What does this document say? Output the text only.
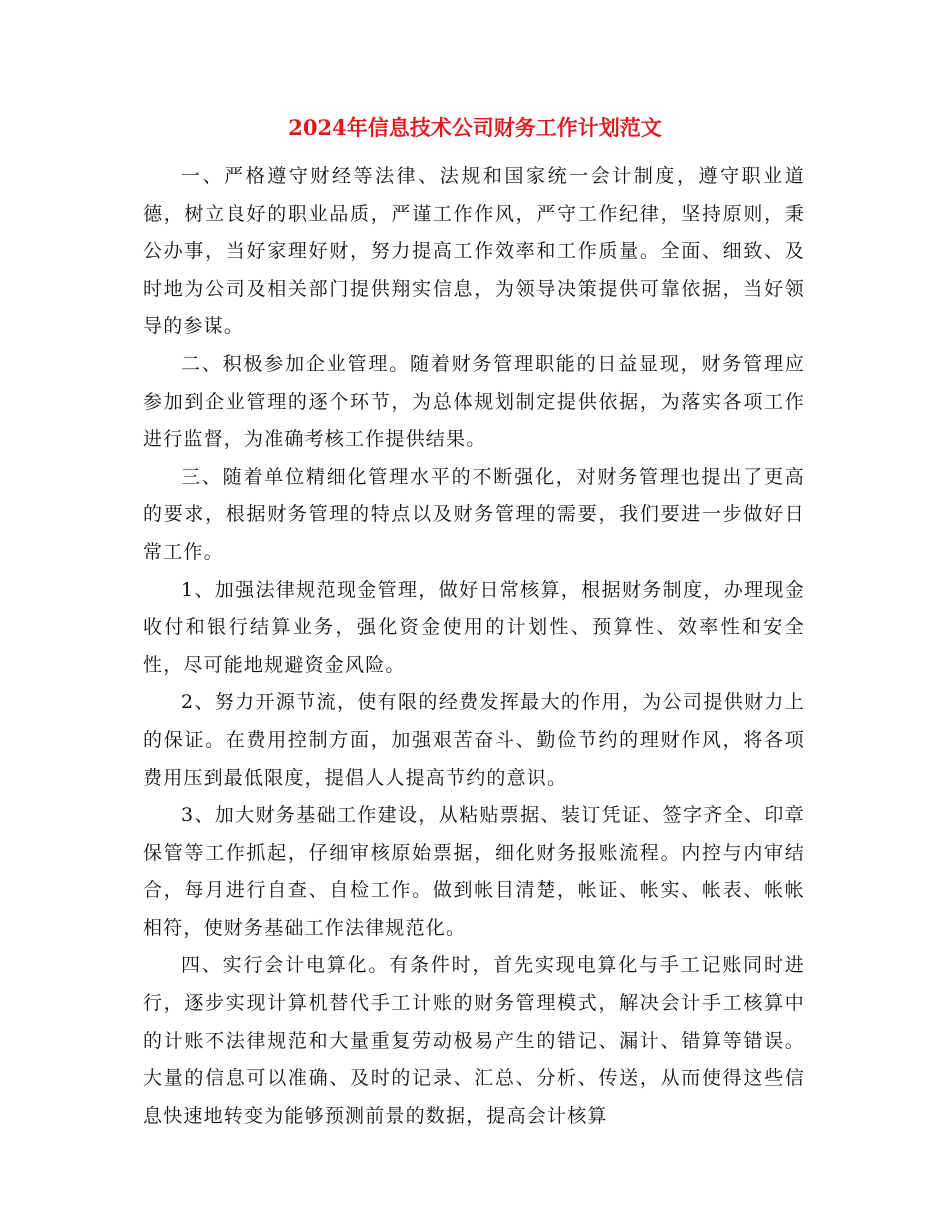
2024年信息技术公司财务工作计划范文

一、严格遵守财经等法律、法规和国家统一会计制度，遵守职业道德，树立良好的职业品质，严谨工作作风，严守工作纪律，坚持原则，秉公办事，当好家理好财，努力提高工作效率和工作质量。全面、细致、及时地为公司及相关部门提供翔实信息，为领导决策提供可靠依据，当好领导的参谋。

二、积极参加企业管理。随着财务管理职能的日益显现，财务管理应参加到企业管理的逐个环节，为总体规划制定提供依据，为落实各项工作进行监督，为准确考核工作提供结果。

三、随着单位精细化管理水平的不断强化，对财务管理也提出了更高的要求，根据财务管理的特点以及财务管理的需要，我们要进一步做好日常工作。

1、加强法律规范现金管理，做好日常核算，根据财务制度，办理现金收付和银行结算业务，强化资金使用的计划性、预算性、效率性和安全性，尽可能地规避资金风险。

2、努力开源节流，使有限的经费发挥最大的作用，为公司提供财力上的保证。在费用控制方面，加强艰苦奋斗、勤俭节约的理财作风，将各项费用压到最低限度，提倡人人提高节约的意识。

3、加大财务基础工作建设，从粘贴票据、装订凭证、签字齐全、印章保管等工作抓起，仔细审核原始票据，细化财务报账流程。内控与内审结合，每月进行自查、自检工作。做到帐目清楚，帐证、帐实、帐表、帐帐相符，使财务基础工作法律规范化。

四、实行会计电算化。有条件时，首先实现电算化与手工记账同时进行，逐步实现计算机替代手工计账的财务管理模式，解决会计手工核算中的计账不法律规范和大量重复劳动极易产生的错记、漏计、错算等错误。大量的信息可以准确、及时的记录、汇总、分析、传送，从而使得这些信息快速地转变为能够预测前景的数据，提高会计核算
